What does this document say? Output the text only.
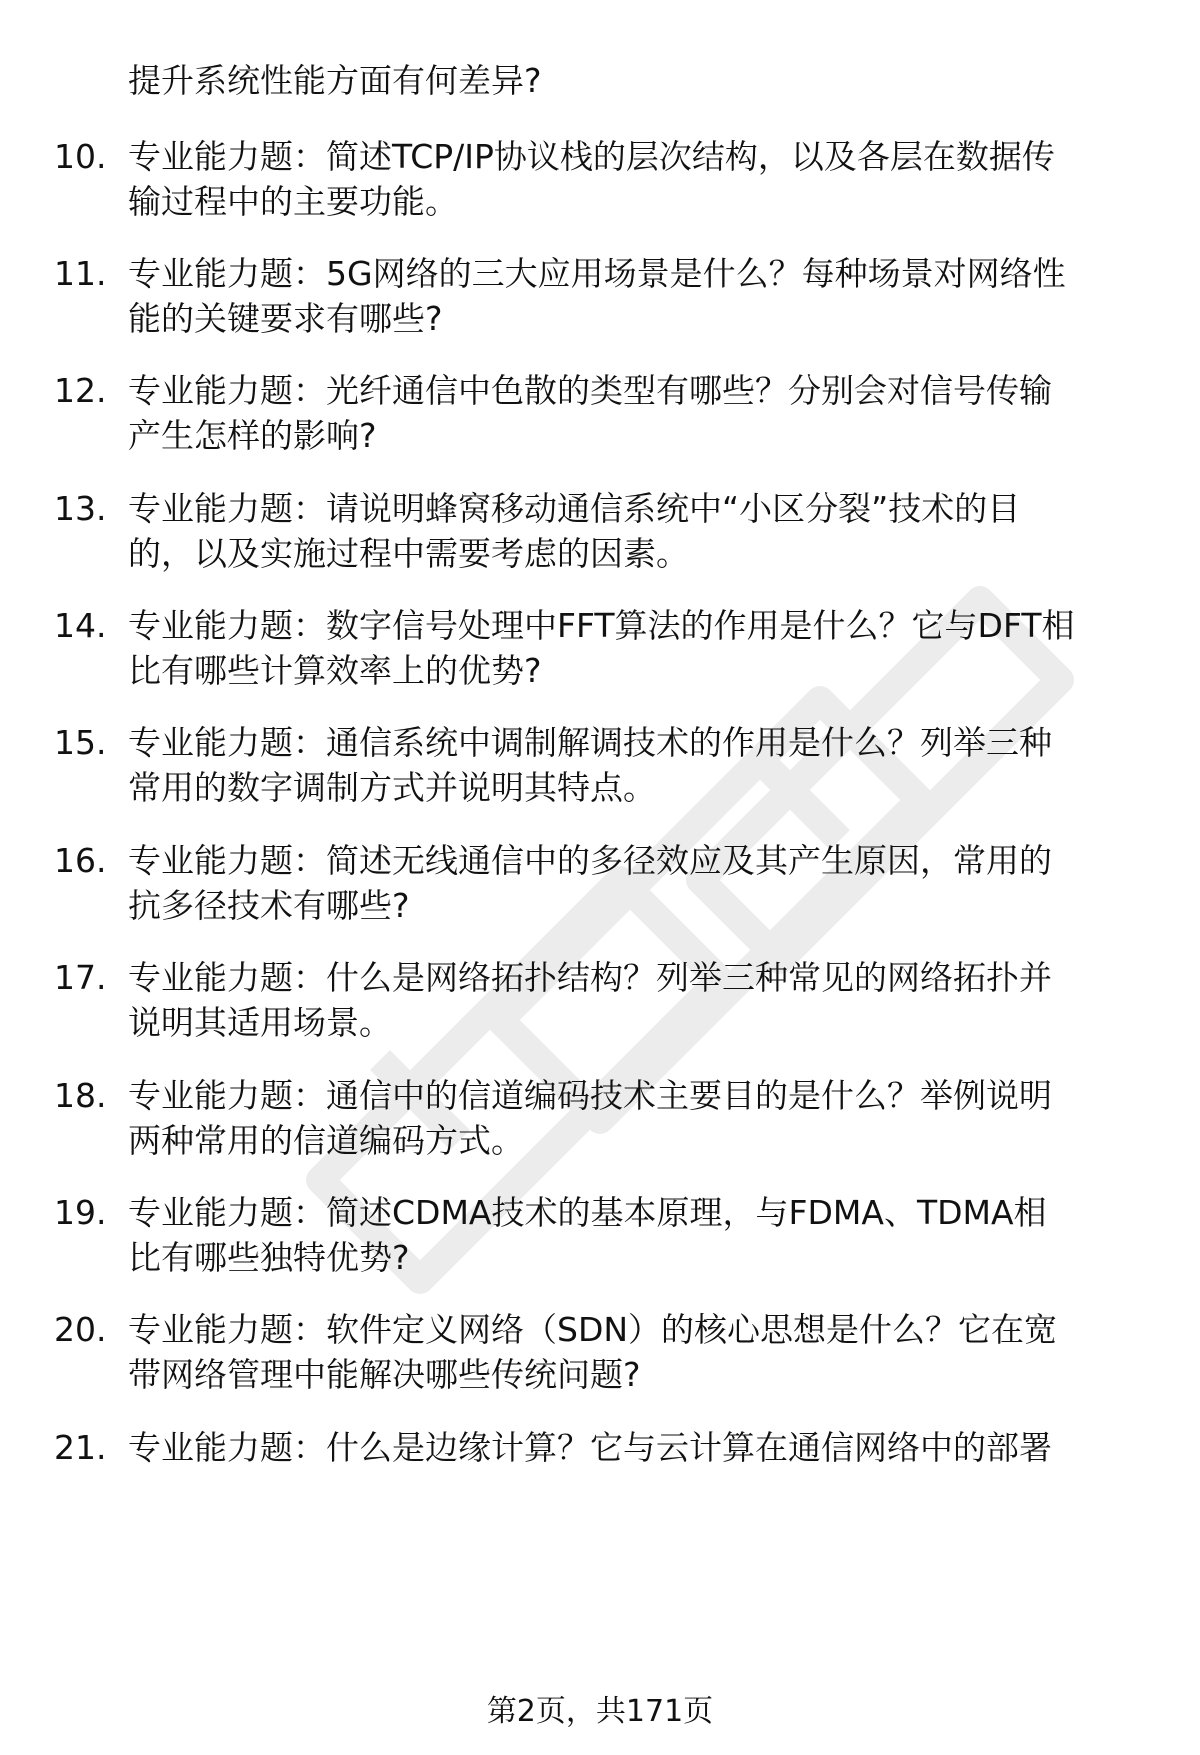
提升系统性能方面有何差异?
10. 专业能力题：简述TCP/IP协议栈的层次结构，以及各层在数据传
输过程中的主要功能。
11. 专业能力题：5G网络的三大应用场景是什么？每种场景对网络性
能的关键要求有哪些?
12. 专业能力题：光纤通信中色散的类型有哪些？分别会对信号传输
产生怎样的影响?
13. 专业能力题：请说明蜂窝移动通信系统中“小区分裂”技术的目
的，以及实施过程中需要考虑的因素。
14. 专业能力题：数字信号处理中FFT算法的作用是什么？它与DFT相
比有哪些计算效率上的优势?
15. 专业能力题：通信系统中调制解调技术的作用是什么？列举三种
常用的数字调制方式并说明其特点。
16. 专业能力题：简述无线通信中的多径效应及其产生原因，常用的
抗多径技术有哪些?
17. 专业能力题：什么是网络拓扑结构？列举三种常见的网络拓扑并
说明其适用场景。
18. 专业能力题：通信中的信道编码技术主要目的是什么？举例说明
两种常用的信道编码方式。
19. 专业能力题：简述CDMA技术的基本原理，与FDMA、TDMA相
比有哪些独特优势?
20. 专业能力题：软件定义网络（SDN）的核心思想是什么？它在宽
带网络管理中能解决哪些传统问题?
21. 专业能力题：什么是边缘计算？它与云计算在通信网络中的部署
第2页，共171页
